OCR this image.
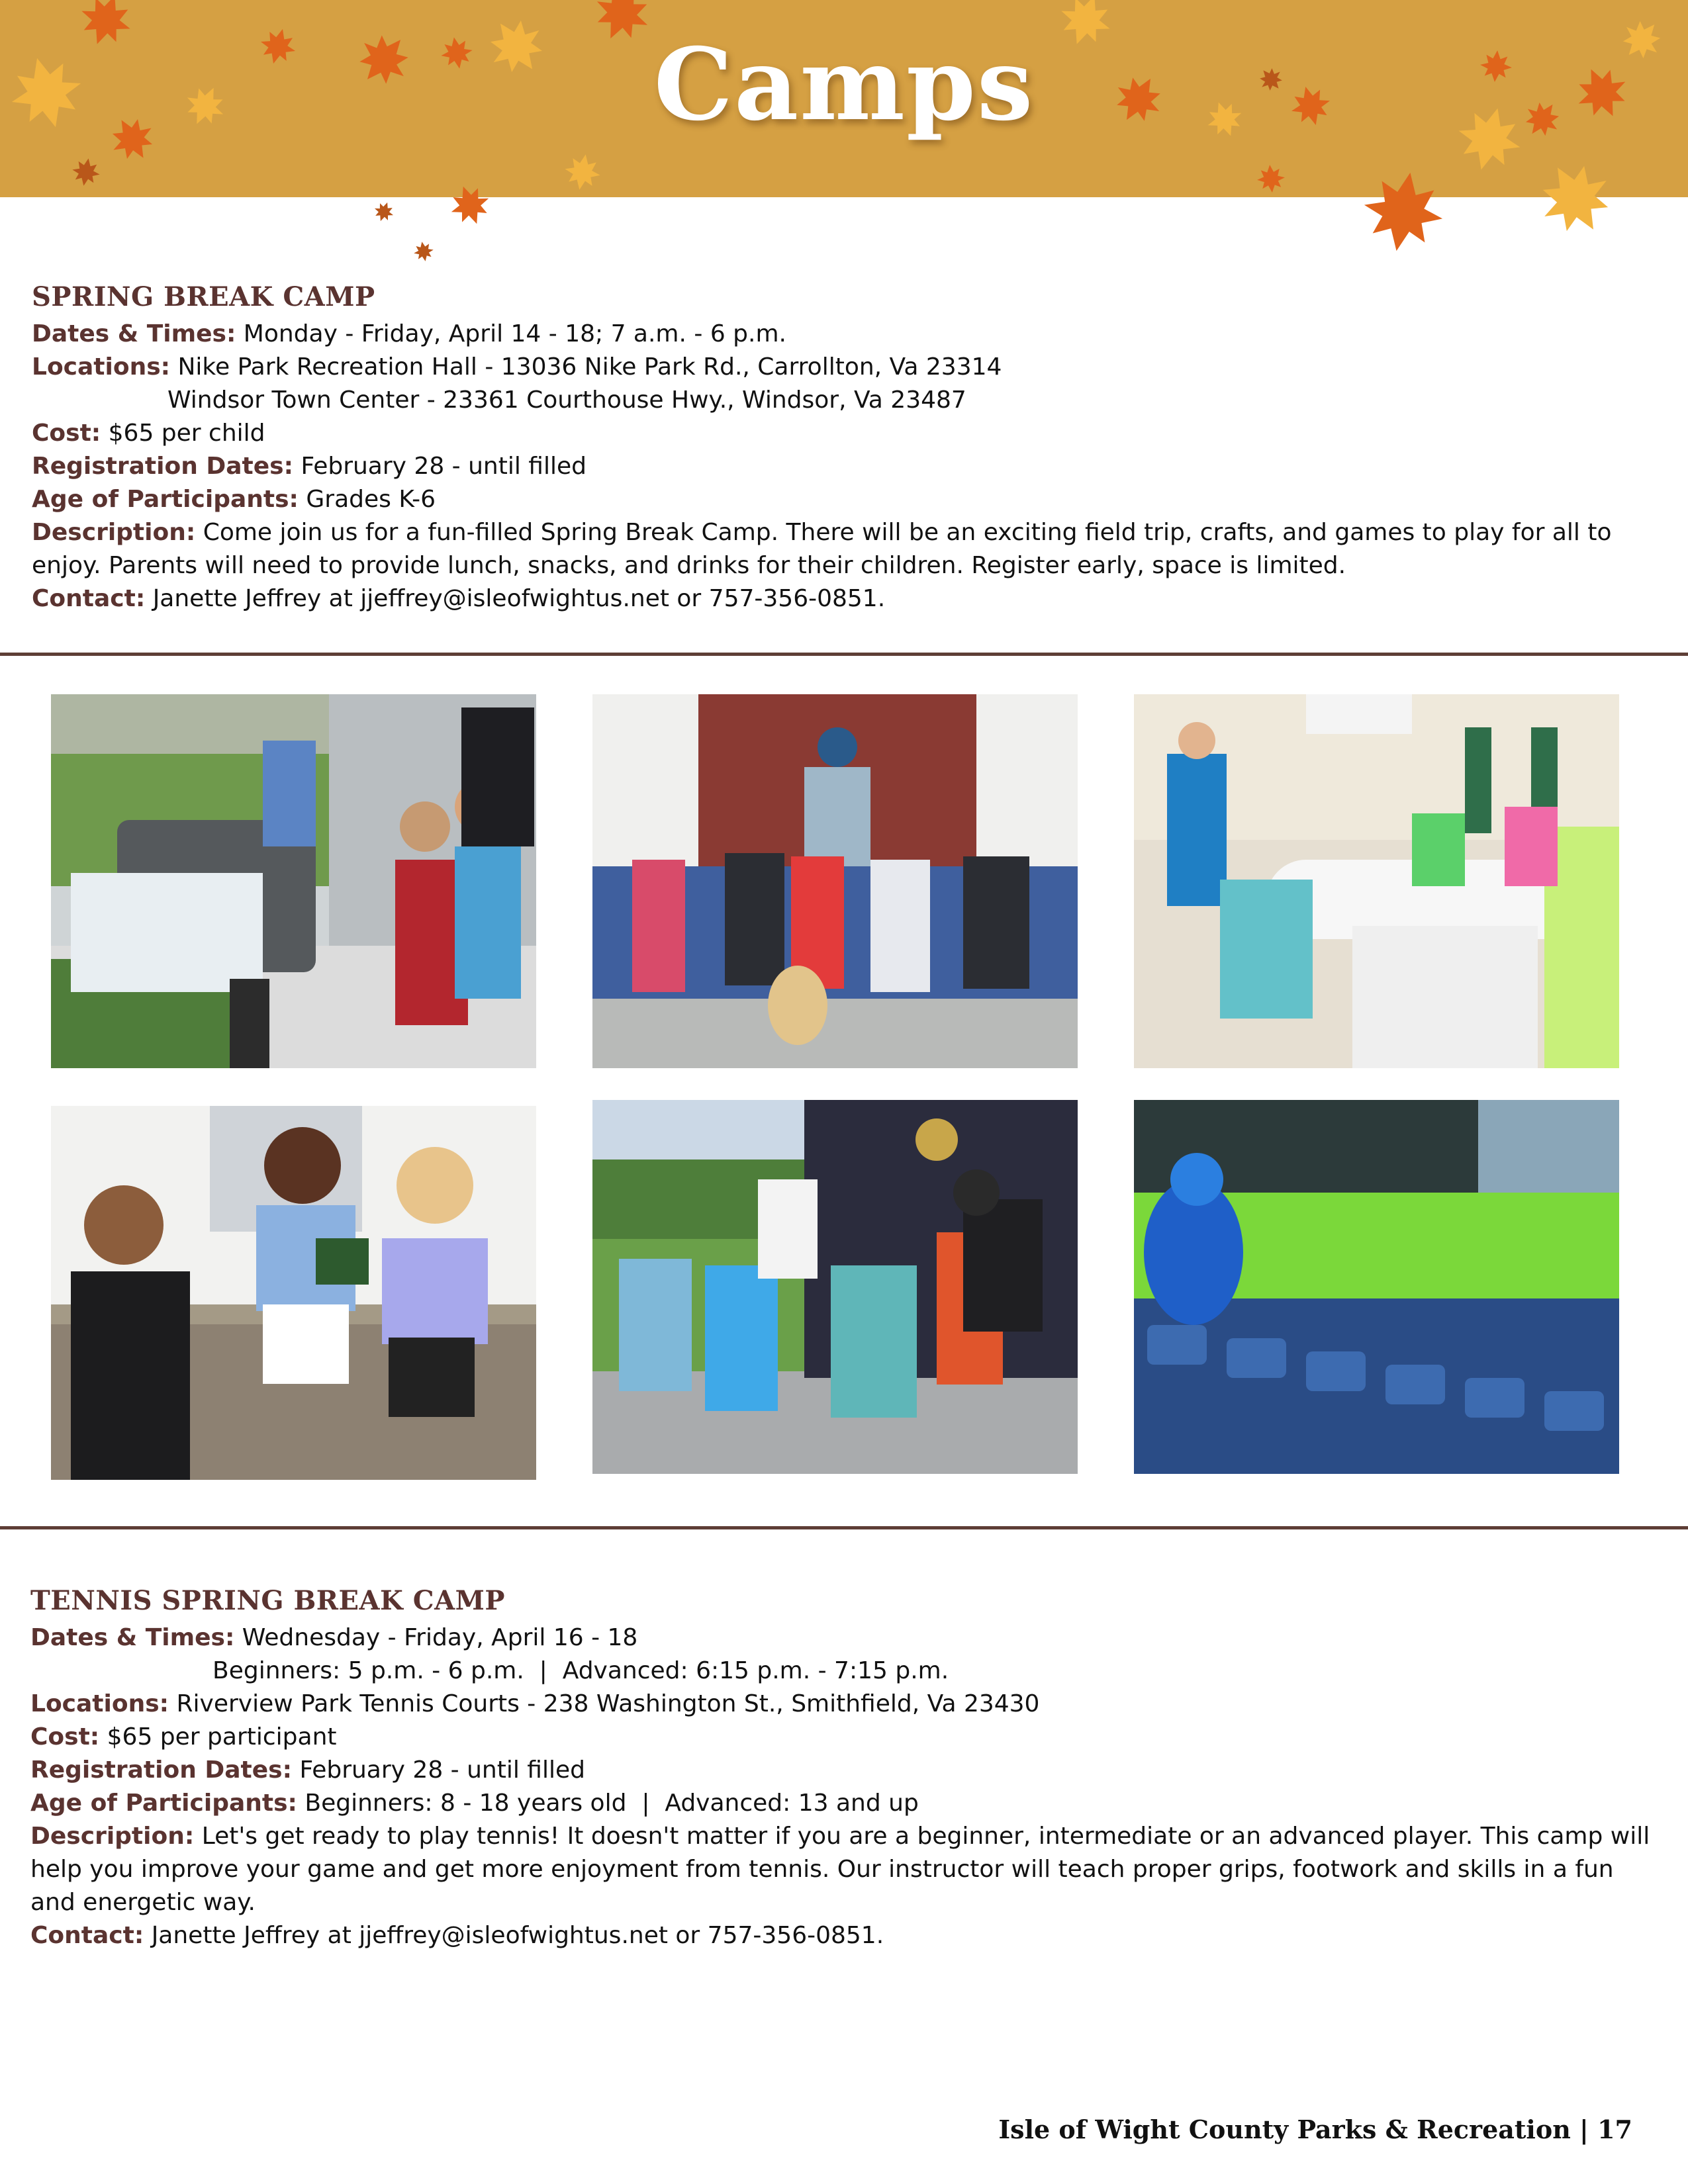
Camps
SPRING BREAK CAMP

Dates & Times: Monday - Friday, April 14 - 18; 7 a.m. - 6 p.m.

Locations: Nike Park Recreation Hall - 13036 Nike Park Rd., Carrollton, Va 23314

Windsor Town Center - 23361 Courthouse Hwy., Windsor, Va 23487

Cost: $65 per child

Registration Dates: February 28 - until filled

Age of Participants: Grades K-6

Description: Come join us for a fun-filled Spring Break Camp. There will be an exciting field trip, crafts, and games to play for all to enjoy. Parents will need to provide lunch, snacks, and drinks for their children. Register early, space is limited.

Contact: Janette Jeffrey at jjeffrey@isleofwightus.net or 757-356-0851.

TENNIS SPRING BREAK CAMP

Dates & Times: Wednesday - Friday, April 16 - 18

Beginners: 5 p.m. - 6 p.m.  |  Advanced: 6:15 p.m. - 7:15 p.m.

Locations: Riverview Park Tennis Courts - 238 Washington St., Smithfield, Va 23430

Cost: $65 per participant

Registration Dates: February 28 - until filled

Age of Participants: Beginners: 8 - 18 years old  |  Advanced: 13 and up

Description: Let's get ready to play tennis! It doesn't matter if you are a beginner, intermediate or an advanced player. This camp will help you improve your game and get more enjoyment from tennis. Our instructor will teach proper grips, footwork and skills in a fun and energetic way.

Contact: Janette Jeffrey at jjeffrey@isleofwightus.net or 757-356-0851.

Isle of Wight County Parks & Recreation | 17
